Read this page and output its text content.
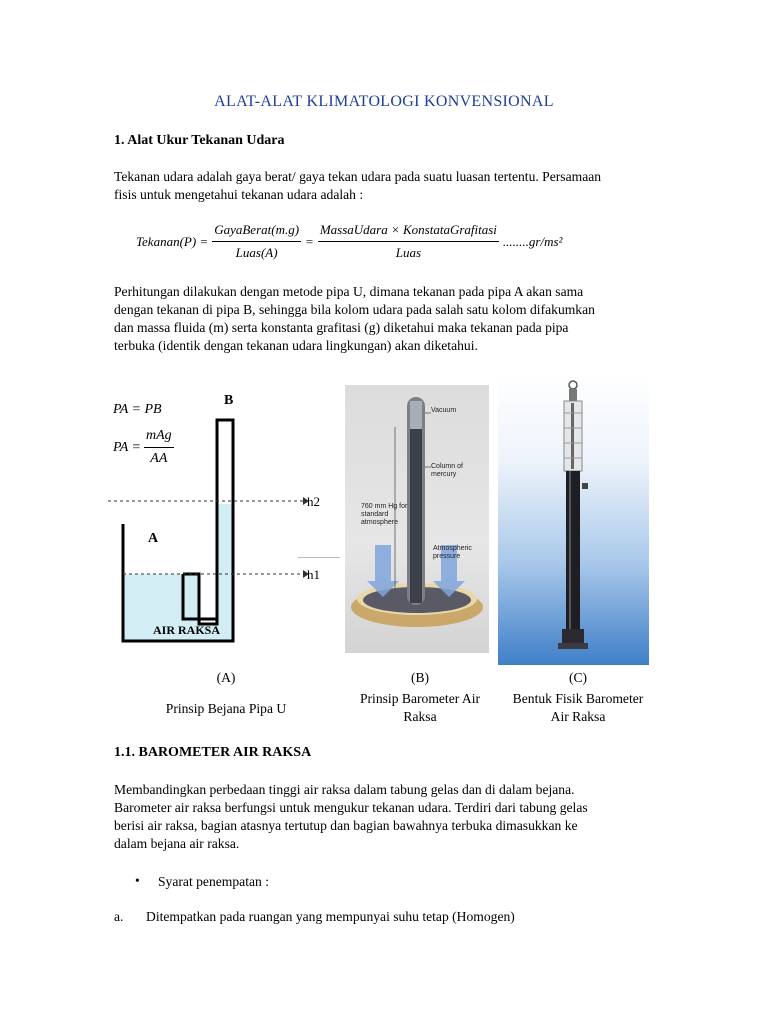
ALAT-ALAT KLIMATOLOGI KONVENSIONAL
1. Alat Ukur Tekanan Udara
Tekanan udara adalah gaya berat/ gaya tekan udara pada suatu luasan tertentu. Persamaan
fisis untuk mengetahui tekanan udara adalah :
Tekanan(P) = $\frac{\text{GayaBerat(m.g)}}{\text{Luas(A)}} = \frac{\text{MassaUdara × KonstataGrafitasi}}{\text{Luas}} ........gr/ms^2$
Perhitungan dilakukan dengan metode pipa U, dimana tekanan pada pipa A akan sama
dengan tekanan di pipa B, sehingga bila kolom udara pada salah satu kolom difakumkan
dan massa fluida (m) serta konstanta grafitasi (g) diketahui maka tekanan pada pipa
terbuka (identik dengan tekanan udara lingkungan) akan diketahui.
PA = PB
PA = $\frac{\text{mAg}}{AA}$
B
A
h2
h1
AIR RAKSA
Vacuum
Column of mercury
760 mm Hg for standard atmosphere
Atmospheric pressure
(A)
Prinsip Bejana Pipa U
(B)
Prinsip Barometer Air
Raksa
(C)
Bentuk Fisik Barometer
Air Raksa
1.1. BAROMETER AIR RAKSA
Membandingkan perbedaan tinggi air raksa dalam tabung gelas dan di dalam bejana.
Barometer air raksa berfungsi untuk mengukur tekanan udara. Terdiri dari tabung gelas
berisi air raksa, bagian atasnya tertutup dan bagian bawahnya terbuka dimasukkan ke
dalam bejana air raksa.
• Syarat penempatan :
a. Ditempatkan pada ruangan yang mempunyai suhu tetap (Homogen)
